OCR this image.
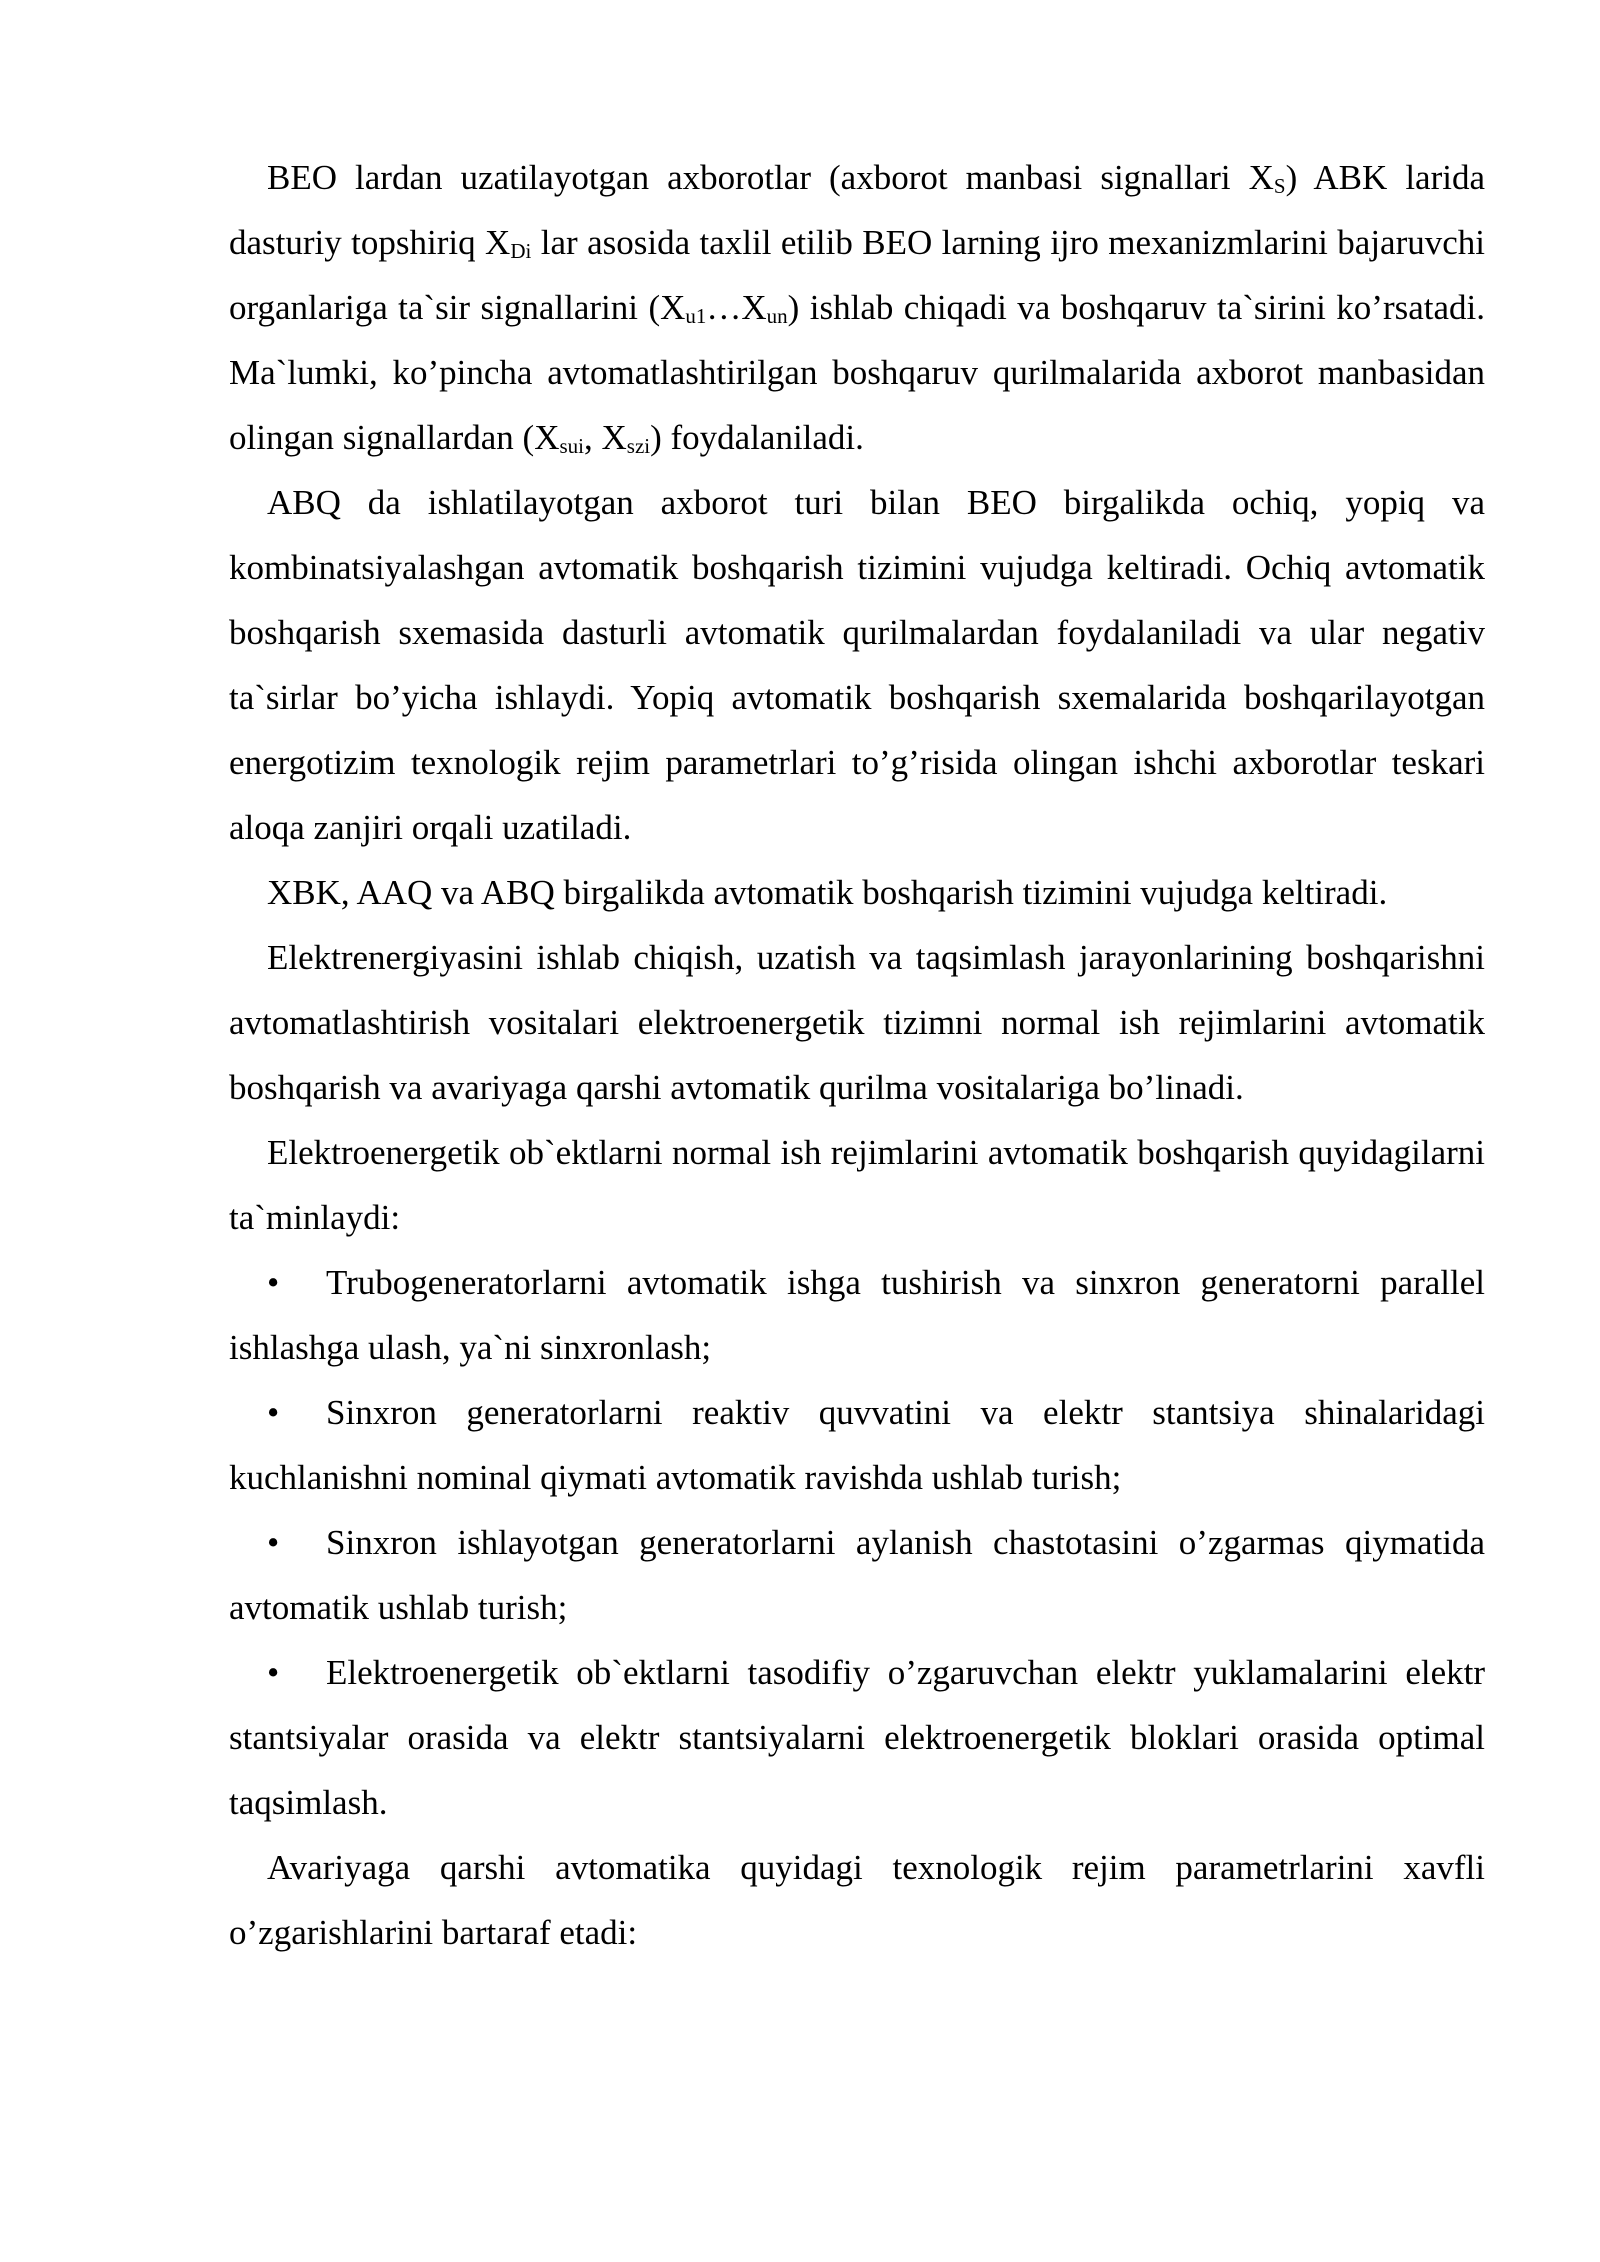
BEO lardan uzatilayotgan axborotlar (axborot manbasi signallari $X_S$) ABK larida dasturiy topshiriq $X_{Di}$ lar asosida taxlil etilib BEO larning ijro mexanizmlarini bajaruvchi organlariga ta`sir signallarini $(X_{u1}\dots X_{un})$ ishlab chiqadi va boshqaruv ta`sirini ko’rsatadi. Ma`lumki, ko’pincha avtomatlashtirilgan boshqaruv qurilmalarida axborot manbasidan olingan signallardan ($X_{sui}$, $X_{szi}$) foydalaniladi.

ABQ da ishlatilayotgan axborot turi bilan BEO birgalikda ochiq, yopiq va kombinatsiyalashgan avtomatik boshqarish tizimini vujudga keltiradi. Ochiq avtomatik boshqarish sxemasida dasturli avtomatik qurilmalardan foydalaniladi va ular negativ ta`sirlar bo’yicha ishlaydi. Yopiq avtomatik boshqarish sxemalarida boshqarilayotgan energotizim texnologik rejim parametrlari to’g’risida olingan ishchi axborotlar teskari aloqa zanjiri orqali uzatiladi.

XBK, AAQ va ABQ birgalikda avtomatik boshqarish tizimini vujudga keltiradi.

Elektrenergiyasini ishlab chiqish, uzatish va taqsimlash jarayonlarining boshqarishni avtomatlashtirish vositalari elektroenergetik tizimni normal ish rejimlarini avtomatik boshqarish va avariyaga qarshi avtomatik qurilma vositalariga bo’linadi.

Elektroenergetik ob`ektlarni normal ish rejimlarini avtomatik boshqarish quyidagilarni ta`minlaydi:

• Trubogeneratorlarni avtomatik ishga tushirish va sinxron generatorni parallel ishlashga ulash, ya`ni sinxronlash;

• Sinxron generatorlarni reaktiv quvvatini va elektr stantsiya shinalaridagi kuchlanishni nominal qiymati avtomatik ravishda ushlab turish;

• Sinxron ishlayotgan generatorlarni aylanish chastotasini o’zgarmas qiymatida avtomatik ushlab turish;

• Elektroenergetik ob`ektlarni tasodifiy o’zgaruvchan elektr yuklamalarini elektr stantsiyalar orasida va elektr stantsiyalarni elektroenergetik bloklari orasida optimal taqsimlash.

Avariyaga qarshi avtomatika quyidagi texnologik rejim parametrlarini xavfli o’zgarishlarini bartaraf etadi:
